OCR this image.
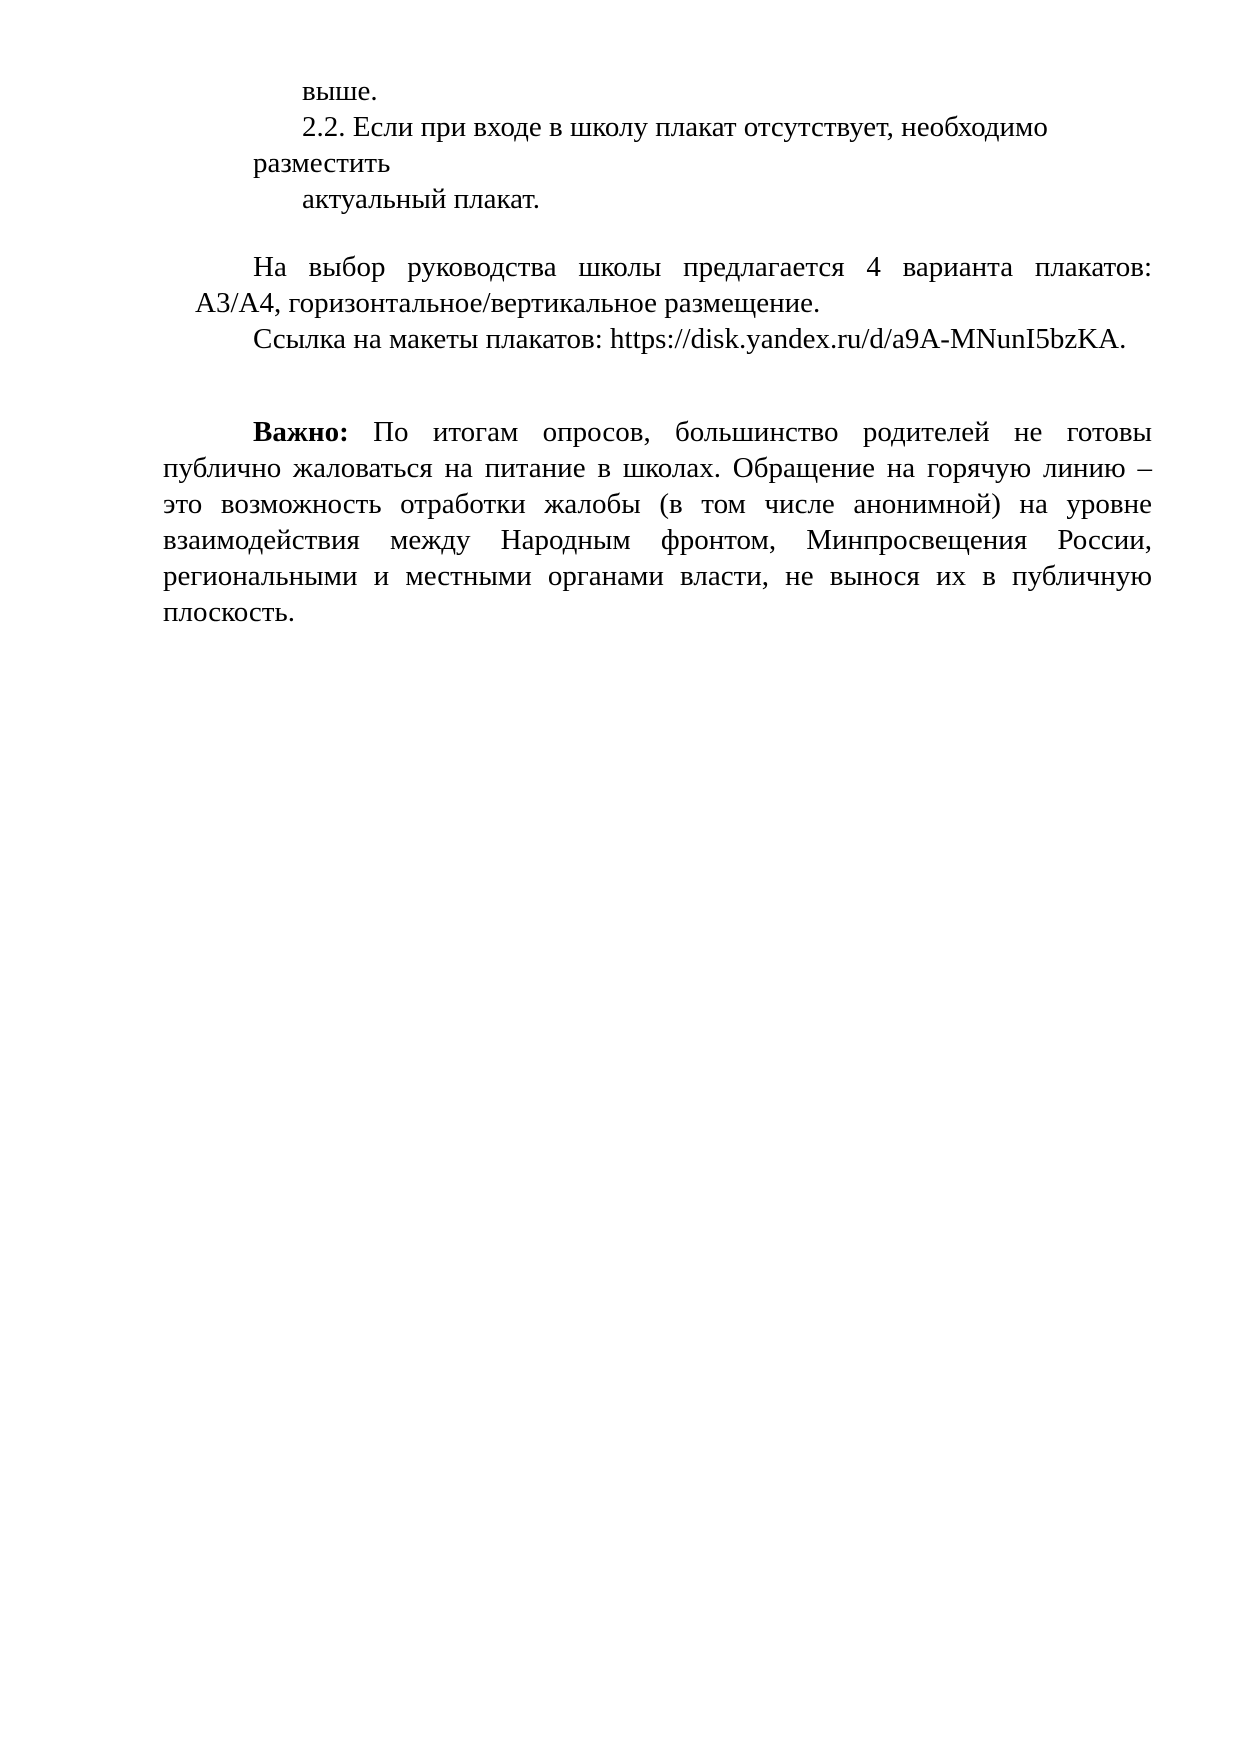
выше.
2.2. Если при входе в школу плакат отсутствует, необходимо
разместить
актуальный плакат.
На выбор руководства школы предлагается 4 варианта плакатов:
А3/А4, горизонтальное/вертикальное размещение.
Ссылка на макеты плакатов: https://disk.yandex.ru/d/a9A-MNunI5bzKA.
Важно: По итогам опросов, большинство родителей не готовы
публично жаловаться на питание в школах. Обращение на горячую линию –
это возможность отработки жалобы (в том числе анонимной) на уровне
взаимодействия между Народным фронтом, Минпросвещения России,
региональными и местными органами власти, не вынося их в публичную
плоскость.
